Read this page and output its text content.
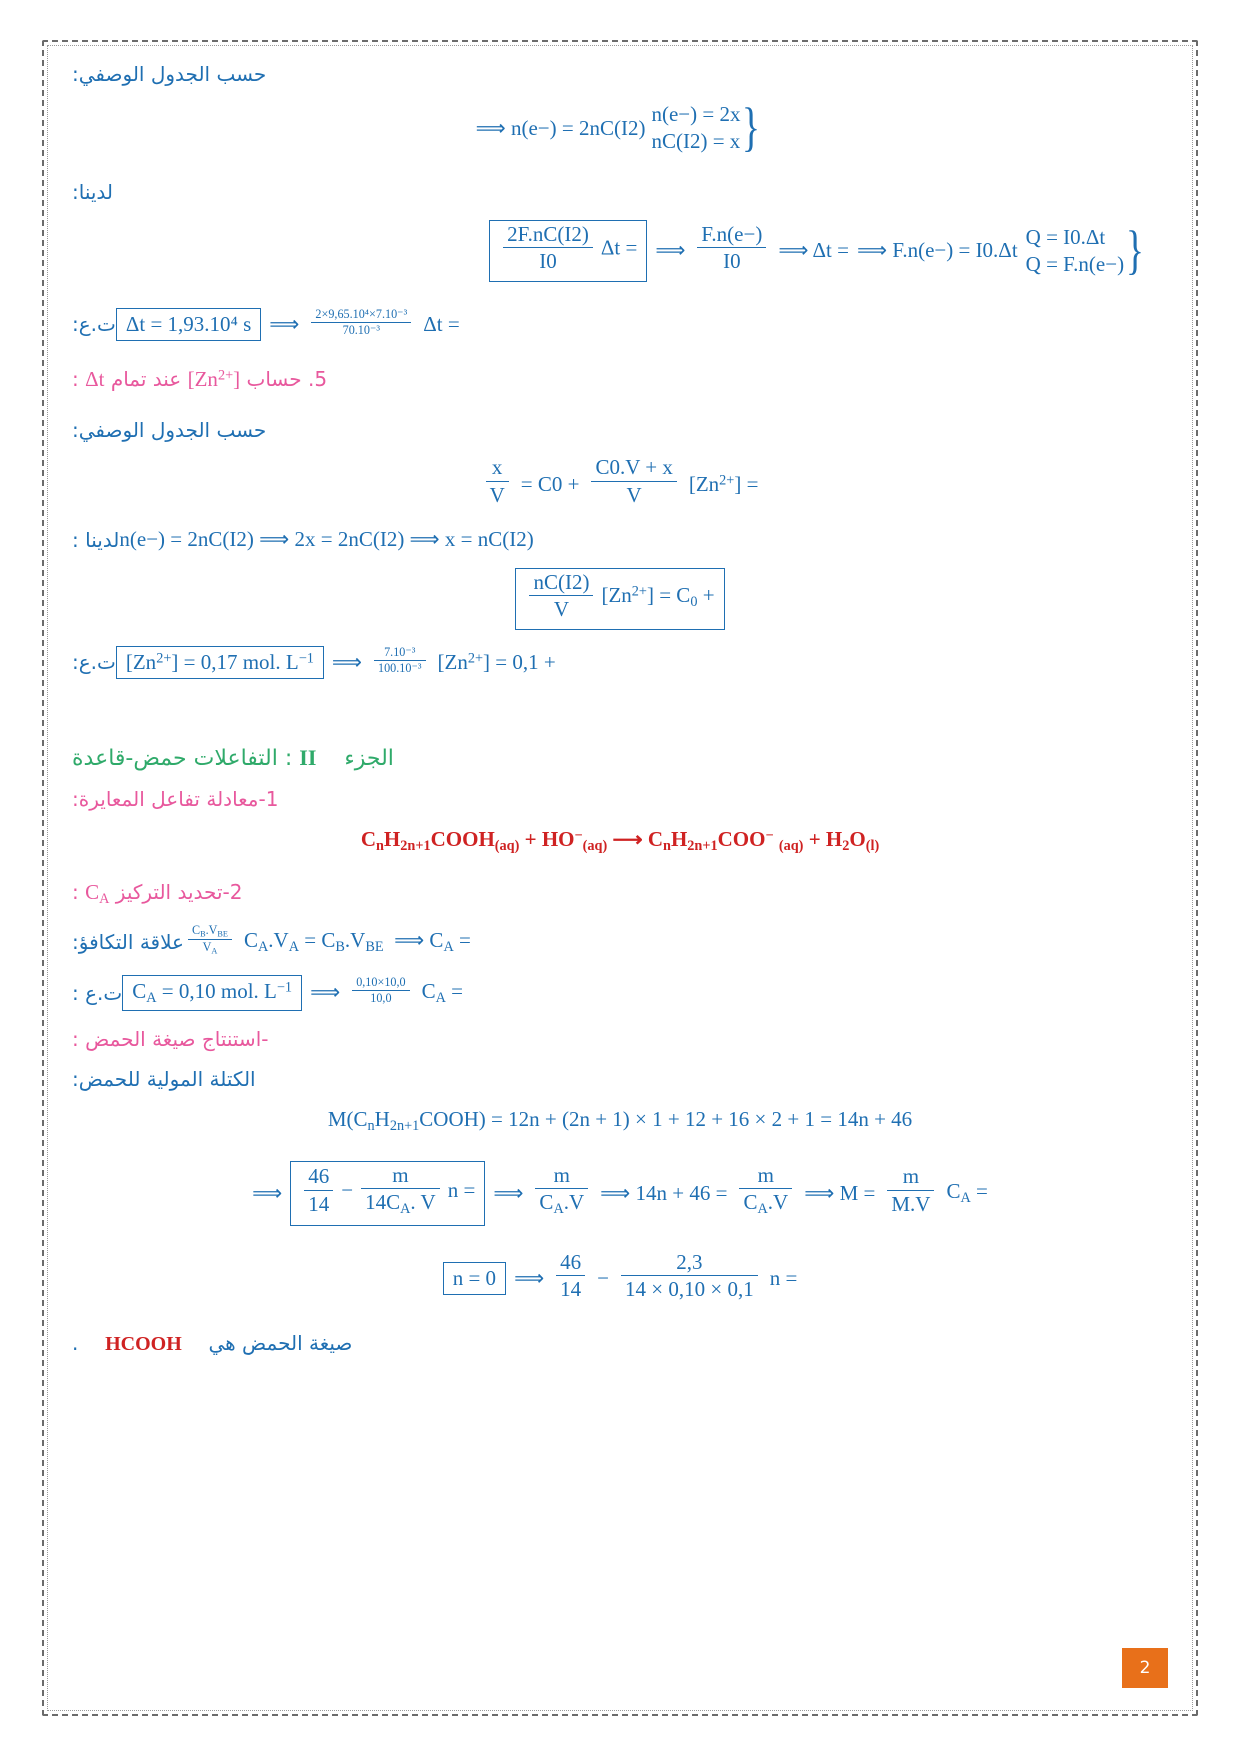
حسب الجدول الوصفي:
{
n(e−) = 2x
nC(I2) = x
⟹ n(e−) = 2nC(I2)
لدينا:
{
Q = I0.Δt
Q = F.n(e−)
⟹ F.n(e−) = I0.Δt
⟹ Δt =
$\frac{F.n(e-)}{I0}$
⟹
Δt =
$\frac{2F.nC(I2)}{I0}$
Δt =
$\frac{\text{2×9,65.10⁴×7.10⁻³}}{\text{70.10⁻³}}$
⟹
Δt = 1,93.10⁴ s
ت.ع:
5. حساب $[Zn^{2+}]$ عند تمام Δt :
حسب الجدول الوصفي:
$[Zn^{2+}]$ =
$\frac{C0.V + x}{V}$
= C0 +
$\frac{x}{V}$
n(e−) = 2nC(I2) ⟹ 2x = 2nC(I2) ⟹ x = nC(I2)
لدينا :
$[Zn^{2+}] = C_0$ +
$\frac{nC(I2)}{V}$
$[Zn^{2+}] = 0,1$ +
$\frac{\text{7.10⁻³}}{\text{100.10⁻³}}$
⟹
$[Zn^{2+}] = 0,17$ mol. $L^{-1}$
ت.ع:
الجزء  II : التفاعلات حمض-قاعدة
1-معادلة تفاعل المعايرة:
$C_nH_{2n+1}COOH_{(aq)} + HO^-_{(aq)}$ ⟶ $C_nH_{2n+1}COO^-$ $_{(aq)} + H_2O_{(l)}$
2-تحديد التركيز $C_A$ :
$C_A.V_A = C_B.V_{BE}$  ⟹ $C_A$ =
$\frac{C_B.V_{BE}}{V_A}$
علاقة التكافؤ:
$C_A$ =
$\frac{0,10\times 10,0}{10,0}$
⟹
$C_A = 0,10$ mol. $L^{-1}$
ت.ع :
-استنتاج صيغة الحمض :
الكتلة المولية للحمض:
$M(C_nH_{2n+1}COOH) = 12n + (2n + 1) \times 1 + 12 + 16 \times 2 + 1 = 14n + 46$
$C_A$ =
$\frac{m}{M.V}$
⟹ M =
$\frac{m}{C_A.V}$
⟹ 14n + 46 =
$\frac{m}{C_A.V}$
⟹
n =
$\frac{m}{14C_A. V}$
−
$\frac{46}{14}$
⟹
n =
$\frac{2,3}{14 \times 0,10 \times 0,1}$
−
$\frac{46}{14}$
⟹
n = 0
صيغة الحمض هي  HCOOH  .
2
